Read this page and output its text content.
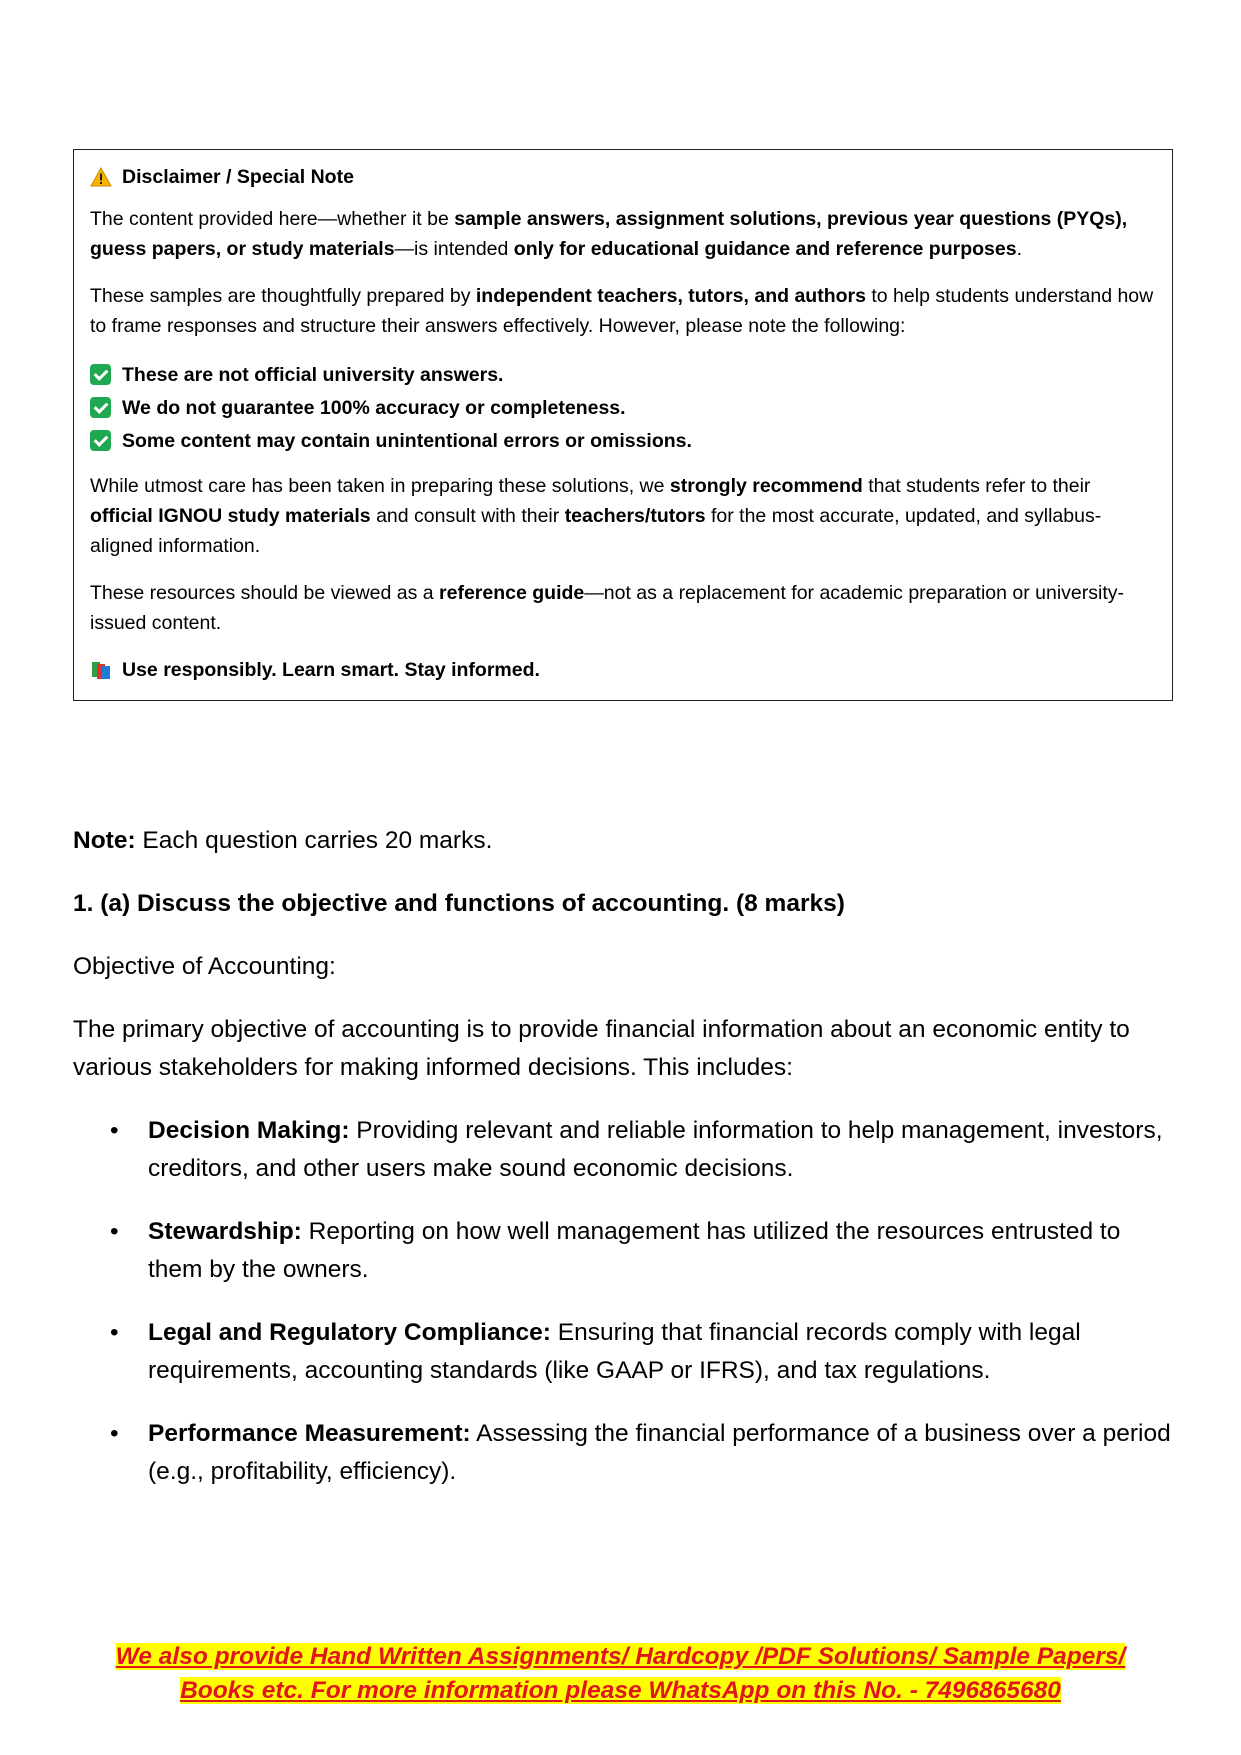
Disclaimer / Special Note

The content provided here—whether it be sample answers, assignment solutions, previous year questions (PYQs), guess papers, or study materials—is intended only for educational guidance and reference purposes.

These samples are thoughtfully prepared by independent teachers, tutors, and authors to help students understand how to frame responses and structure their answers effectively. However, please note the following:

These are not official university answers.
We do not guarantee 100% accuracy or completeness.
Some content may contain unintentional errors or omissions.

While utmost care has been taken in preparing these solutions, we strongly recommend that students refer to their official IGNOU study materials and consult with their teachers/tutors for the most accurate, updated, and syllabus-aligned information.

These resources should be viewed as a reference guide—not as a replacement for academic preparation or university-issued content.

Use responsibly. Learn smart. Stay informed.

Note: Each question carries 20 marks.

1. (a) Discuss the objective and functions of accounting. (8 marks)

Objective of Accounting:

The primary objective of accounting is to provide financial information about an economic entity to various stakeholders for making informed decisions. This includes:

• Decision Making: Providing relevant and reliable information to help management, investors, creditors, and other users make sound economic decisions.
• Stewardship: Reporting on how well management has utilized the resources entrusted to them by the owners.
• Legal and Regulatory Compliance: Ensuring that financial records comply with legal requirements, accounting standards (like GAAP or IFRS), and tax regulations.
• Performance Measurement: Assessing the financial performance of a business over a period (e.g., profitability, efficiency).
We also provide Hand Written Assignments/ Hardcopy /PDF Solutions/ Sample Papers/
Books etc. For more information please WhatsApp on this No. - 7496865680
